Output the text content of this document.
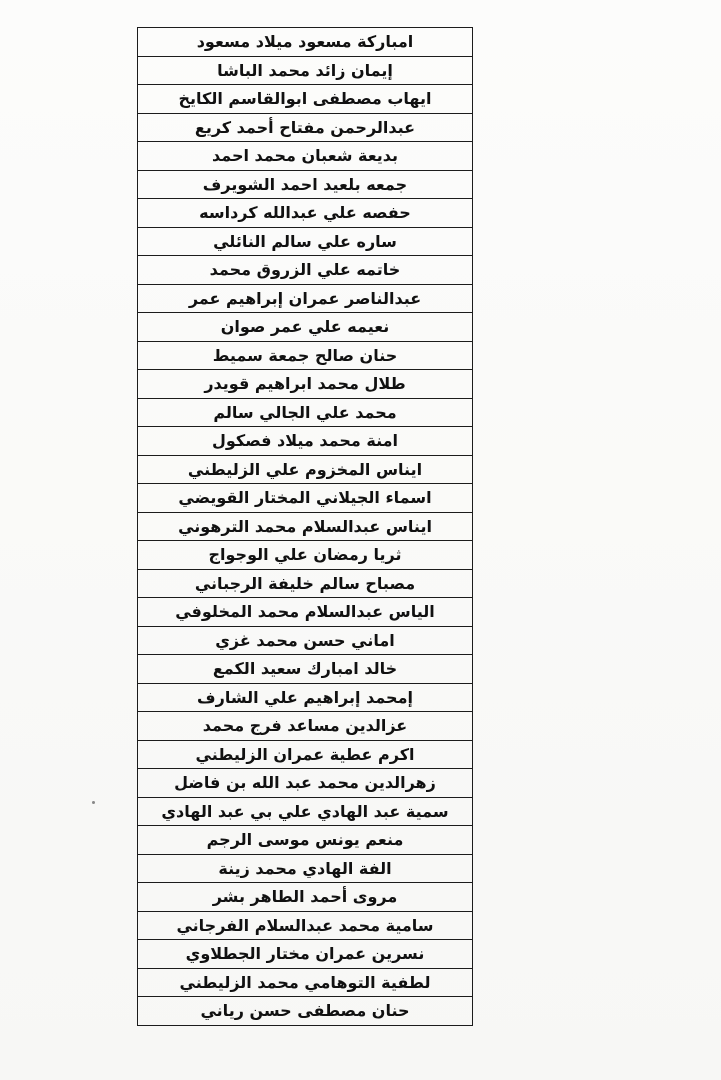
امباركة مسعود ميلاد مسعود
إيمان زائد محمد الباشا
ايهاب مصطفى ابوالقاسم الكايخ
عبدالرحمن مفتاح أحمد كريع
بديعة شعبان محمد احمد
جمعه بلعيد احمد الشويرف
حفصه علي عبدالله كرداسه
ساره علي سالم النائلي
خاتمه علي الزروق محمد
عبدالناصر عمران إبراهيم عمر
نعيمه علي عمر صوان
حنان صالح جمعة سميط
طلال محمد ابراهيم قويدر
محمد علي الجالي سالم
امنة محمد ميلاد فصكول
ايناس المخزوم علي الزليطني
اسماء الجيلاني المختار القويضي
ايناس عبدالسلام محمد الترهوني
ثريا رمضان علي الوجواج
مصباح سالم خليفة الرجباني
الياس عبدالسلام محمد المخلوفي
اماني حسن محمد غزي
خالد امبارك سعيد الكمع
إمحمد إبراهيم علي الشارف
عزالدين مساعد فرج محمد
اكرم عطية عمران الزليطني
زهرالدين محمد عبد الله بن فاضل
سمية عبد الهادي علي بي عبد الهادي
منعم يونس موسى الرجم
الفة الهادي محمد زينة
مروى أحمد الطاهر بشر
سامية محمد عبدالسلام الفرجاني
نسرين عمران مختار الجطلاوي
لطفية التوهامي محمد الزليطني
حنان مصطفى حسن رياني
